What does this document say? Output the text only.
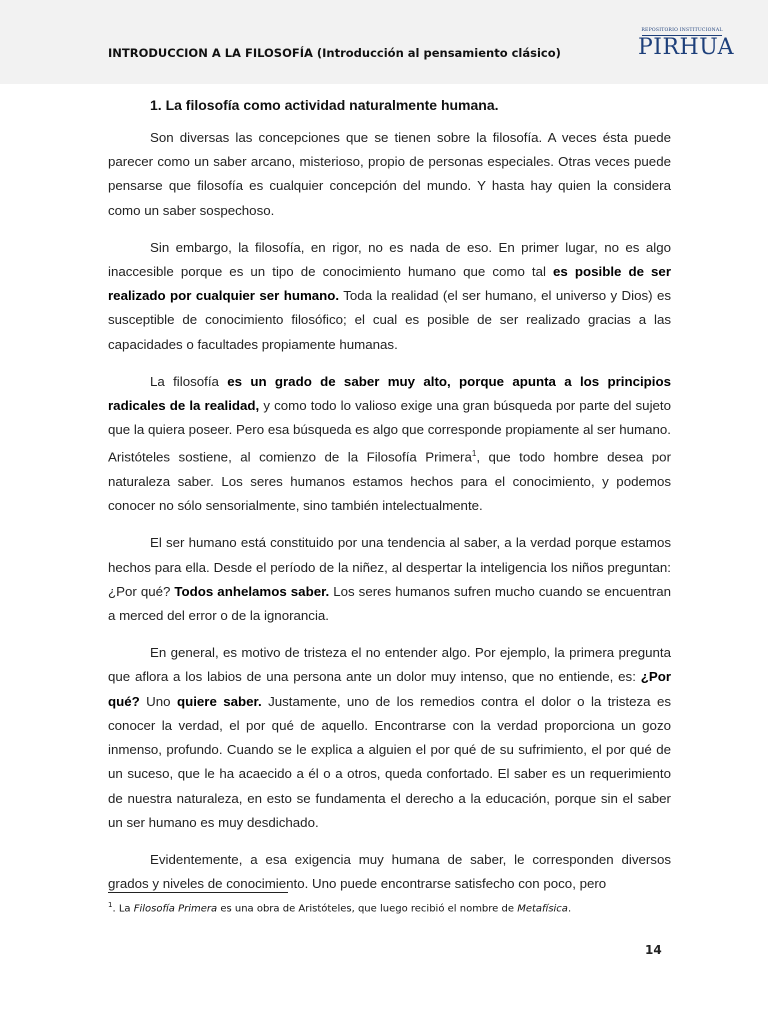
INTRODUCCION A LA FILOSOFÍA (Introducción al pensamiento clásico)
REPOSITORIO INSTITUCIONAL
PIRHUA
1. La filosofía como actividad naturalmente humana.

Son diversas las concepciones que se tienen sobre la filosofía. A veces ésta puede parecer como un saber arcano, misterioso, propio de personas especiales. Otras veces puede pensarse que filosofía es cualquier concepción del mundo. Y hasta hay quien la considera como un saber sospechoso.

Sin embargo, la filosofía, en rigor, no es nada de eso. En primer lugar, no es algo inaccesible porque es un tipo de conocimiento humano que como tal es posible de ser realizado por cualquier ser humano. Toda la realidad (el ser humano, el universo y Dios) es susceptible de conocimiento filosófico; el cual es posible de ser realizado gracias a las capacidades o facultades propiamente humanas.

La filosofía es un grado de saber muy alto, porque apunta a los principios radicales de la realidad, y como todo lo valioso exige una gran búsqueda por parte del sujeto que la quiera poseer. Pero esa búsqueda es algo que corresponde propiamente al ser humano. Aristóteles sostiene, al comienzo de la Filosofía Primera$^1$, que todo hombre desea por naturaleza saber. Los seres humanos estamos hechos para el conocimiento, y podemos conocer no sólo sensorialmente, sino también intelectualmente.

El ser humano está constituido por una tendencia al saber, a la verdad porque estamos hechos para ella. Desde el período de la niñez, al despertar la inteligencia los niños preguntan: ¿Por qué? Todos anhelamos saber. Los seres humanos sufren mucho cuando se encuentran a merced del error o de la ignorancia.

En general, es motivo de tristeza el no entender algo. Por ejemplo, la primera pregunta que aflora a los labios de una persona ante un dolor muy intenso, que no entiende, es: ¿Por qué? Uno quiere saber. Justamente, uno de los remedios contra el dolor o la tristeza es conocer la verdad, el por qué de aquello. Encontrarse con la verdad proporciona un gozo inmenso, profundo. Cuando se le explica a alguien el por qué de su sufrimiento, el por qué de un suceso, que le ha acaecido a él o a otros, queda confortado. El saber es un requerimiento de nuestra naturaleza, en esto se fundamenta el derecho a la educación, porque sin el saber un ser humano es muy desdichado.

Evidentemente, a esa exigencia muy humana de saber, le corresponden diversos grados y niveles de conocimiento. Uno puede encontrarse satisfecho con poco, pero

$^1$. La Filosofía Primera es una obra de Aristóteles, que luego recibió el nombre de Metafísica.
14
